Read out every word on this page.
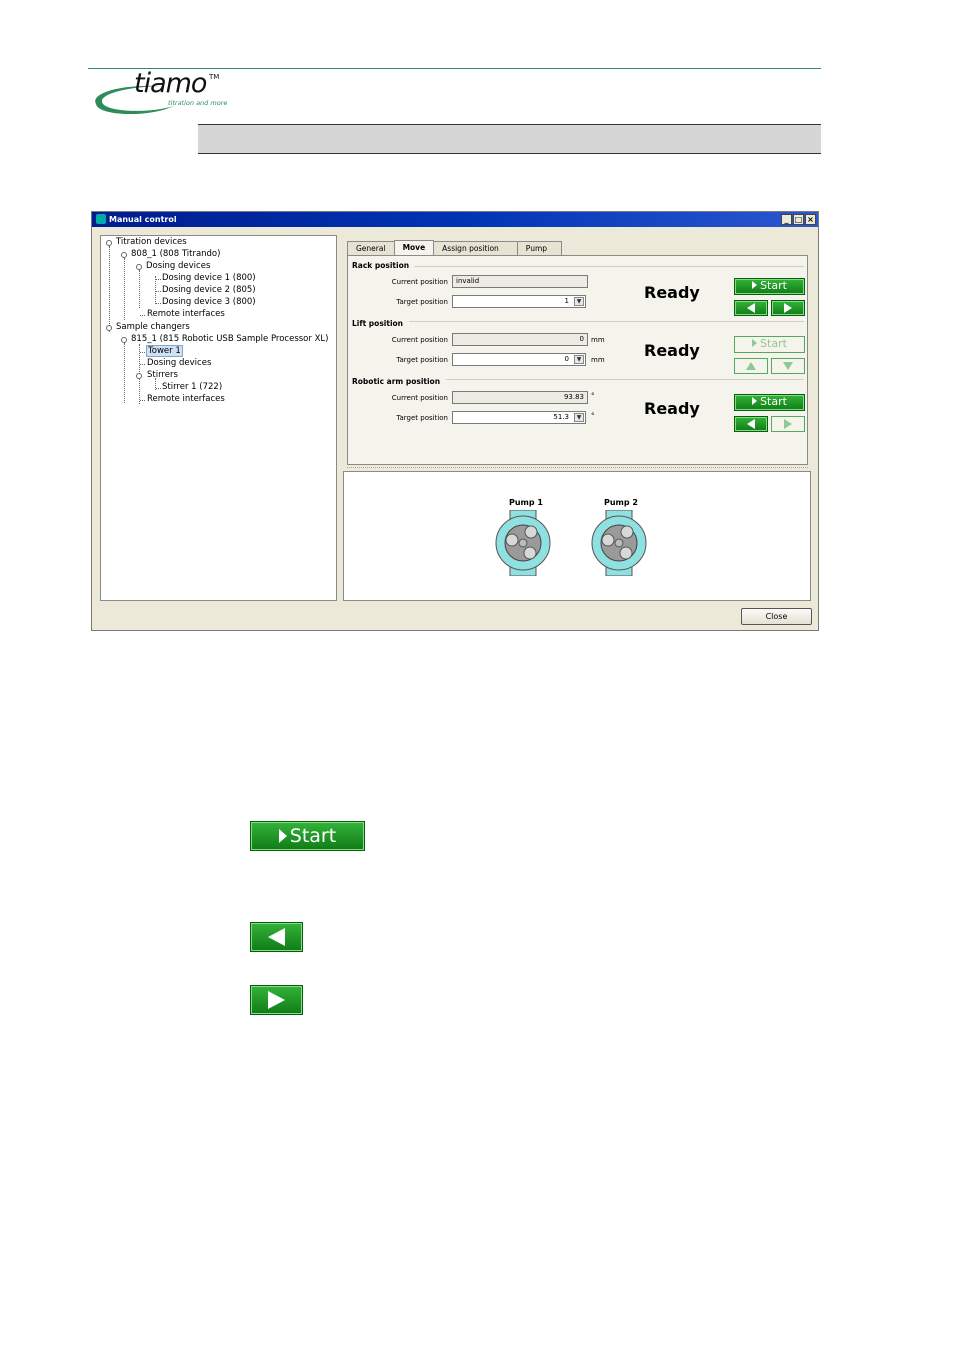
tiamo TM
titration and more
Manual control	_ □ ×
Titration devices
808_1 (808 Titrando)
Dosing devices
Dosing device 1 (800)
Dosing device 2 (805)
Dosing device 3 (800)
Remote interfaces
Sample changers
815_1 (815 Robotic USB Sample Processor XL)
Tower 1
Dosing devices
Stirrers
Stirrer 1 (722)
Remote interfaces
General	Move	Assign position	Pump
Rack position
Current position	invalid
Target position	1	▼	Ready	Start
Lift position
Current position	0	mm
Target position	0	▼	mm Ready	Start
Robotic arm position
Current position	93.83	°
Target position	51.3	▼	°	Ready	Start
Pump 1	Pump 2
Close
Start
